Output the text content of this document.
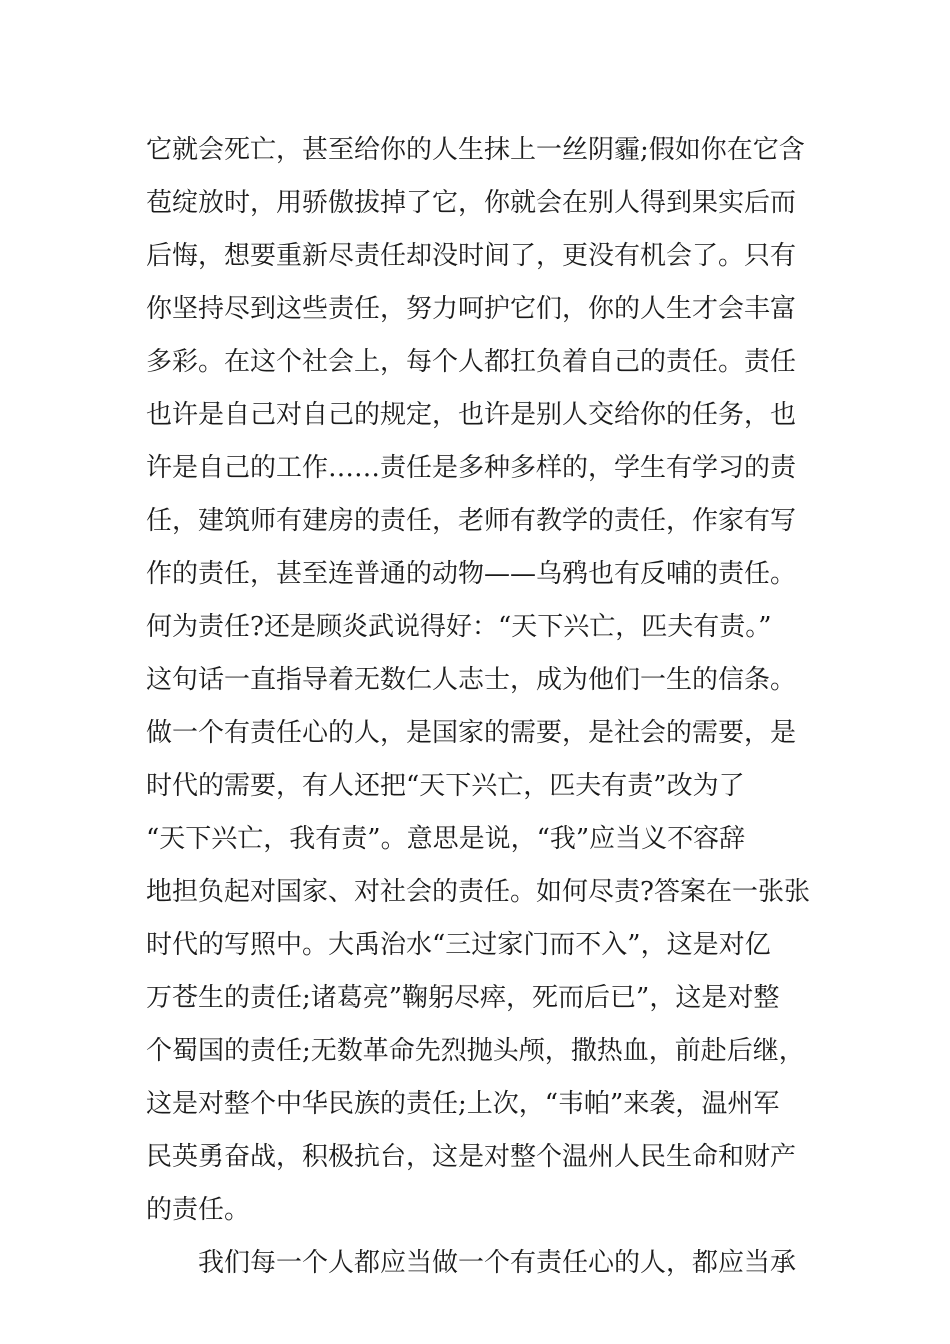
它就会死亡，甚至给你的人生抹上一丝阴霾;假如你在它含
苞绽放时，用骄傲拔掉了它，你就会在别人得到果实后而
后悔，想要重新尽责任却没时间了，更没有机会了。只有
你坚持尽到这些责任，努力呵护它们，你的人生才会丰富
多彩。在这个社会上，每个人都扛负着自己的责任。责任
也许是自己对自己的规定，也许是别人交给你的任务，也
许是自己的工作……责任是多种多样的，学生有学习的责
任，建筑师有建房的责任，老师有教学的责任，作家有写
作的责任，甚至连普通的动物——乌鸦也有反哺的责任。
何为责任?还是顾炎武说得好：“天下兴亡，匹夫有责。”
这句话一直指导着无数仁人志士，成为他们一生的信条。
做一个有责任心的人，是国家的需要，是社会的需要，是
时代的需要，有人还把“天下兴亡，匹夫有责”改为了
“天下兴亡，我有责”。意思是说，“我”应当义不容辞
地担负起对国家、对社会的责任。如何尽责?答案在一张张
时代的写照中。大禹治水“三过家门而不入”，这是对亿
万苍生的责任;诸葛亮”鞠躬尽瘁，死而后已”，这是对整
个蜀国的责任;无数革命先烈抛头颅，撒热血，前赴后继，
这是对整个中华民族的责任;上次，“韦帕”来袭，温州军
民英勇奋战，积极抗台，这是对整个温州人民生命和财产
的责任。
我们每一个人都应当做一个有责任心的人，都应当承
